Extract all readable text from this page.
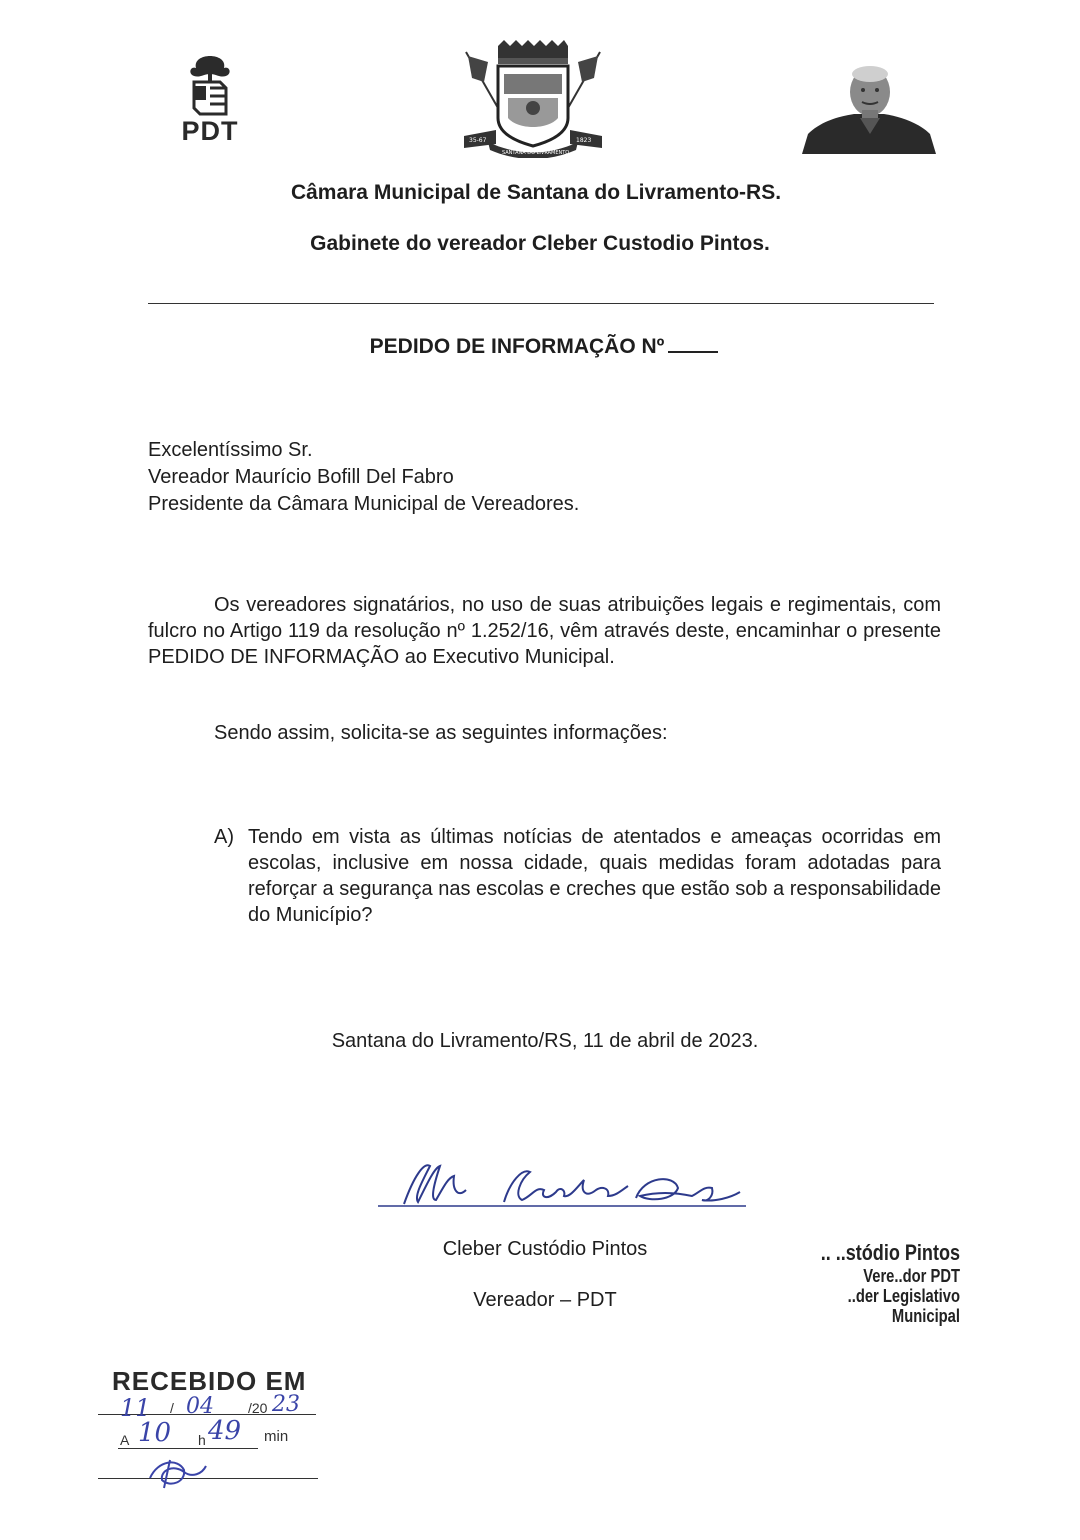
PDT	35-67	1823
SANTANA DO LIVRAMENTO
Câmara Municipal de Santana do Livramento-RS.
Gabinete do vereador Cleber Custodio Pintos.
PEDIDO DE INFORMAÇÃO Nº
Excelentíssimo Sr.
Vereador Maurício Bofill Del Fabro
Presidente da Câmara Municipal de Vereadores.
Os vereadores signatários, no uso de suas atribuições legais e regimentais, com fulcro no Artigo 119 da resolução nº 1.252/16, vêm através deste, encaminhar o presente PEDIDO DE INFORMAÇÃO ao Executivo Municipal.
Sendo assim, solicita-se as seguintes informações:
A) Tendo em vista as últimas notícias de atentados e ameaças ocorridas em escolas, inclusive em nossa cidade, quais medidas foram adotadas para reforçar a segurança nas escolas e creches que estão sob a responsabilidade do Município?
Santana do Livramento/RS, 11 de abril de 2023.
Cleber Custódio Pintos
Vereador – PDT
.. ..stódio Pintos
Vere..dor PDT
..der Legislativo Municipal
RECEBIDO EM
11 / 04 /20 23
A 10 h 49 min
